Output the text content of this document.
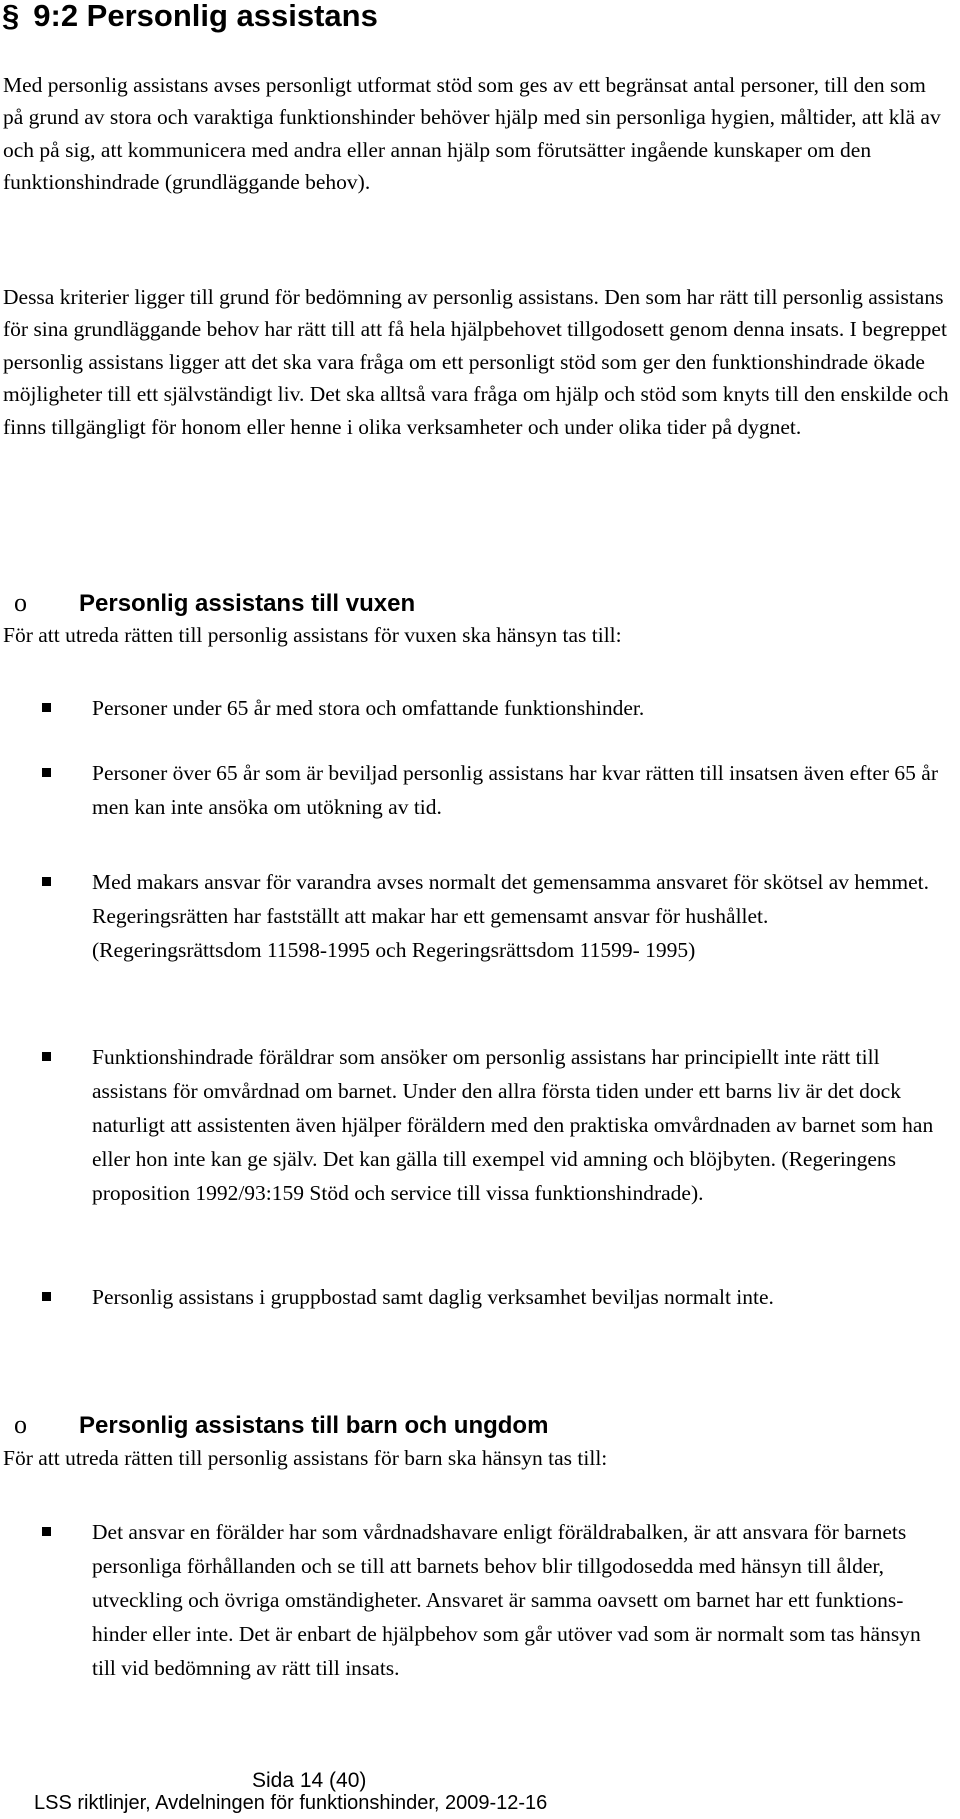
§ 9:2 Personlig assistans
Med personlig assistans avses personligt utformat stöd som ges av ett begränsat antal personer, till den som på grund av stora och varaktiga funktionshinder behöver hjälp med sin personliga hygien, måltider, att klä av och på sig, att kommunicera med andra eller annan hjälp som förutsätter ingående kunskaper om den funktionshindrade (grundläggande behov).
Dessa kriterier ligger till grund för bedömning av personlig assistans. Den som har rätt till personlig assistans för sina grundläggande behov har rätt till att få hela hjälpbehovet tillgodosett genom denna insats. I begreppet personlig assistans ligger att det ska vara fråga om ett personligt stöd som ger den funktionshindrade ökade möjligheter till ett självständigt liv. Det ska alltså vara fråga om hjälp och stöd som knyts till den enskilde och finns tillgängligt för honom eller henne i olika verksamheter och under olika tider på dygnet.
o Personlig assistans till vuxen
För att utreda rätten till personlig assistans för vuxen ska hänsyn tas till:
Personer under 65 år med stora och omfattande funktionshinder.
Personer över 65 år som är beviljad personlig assistans har kvar rätten till insatsen även efter 65 år men kan inte ansöka om utökning av tid.
Med makars ansvar för varandra avses normalt det gemensamma ansvaret för skötsel av hemmet. Regeringsrätten har fastställt att makar har ett gemensamt ansvar för hushållet. (Regeringsrättsdom 11598-1995 och Regeringsrättsdom 11599- 1995)
Funktionshindrade föräldrar som ansöker om personlig assistans har principiellt inte rätt till assistans för omvårdnad om barnet. Under den allra första tiden under ett barns liv är det dock naturligt att assistenten även hjälper föräldern med den praktiska omvårdnaden av barnet som han eller hon inte kan ge själv. Det kan gälla till exempel vid amning och blöjbyten. (Regeringens proposition 1992/93:159 Stöd och service till vissa funktionshindrade).
Personlig assistans i gruppbostad samt daglig verksamhet beviljas normalt inte.
o Personlig assistans till barn och ungdom
För att utreda rätten till personlig assistans för barn ska hänsyn tas till:
Det ansvar en förälder har som vårdnadshavare enligt föräldrabalken, är att ansvara för barnets personliga förhållanden och se till att barnets behov blir tillgodosedda med hänsyn till ålder, utveckling och övriga omständigheter. Ansvaret är samma oavsett om barnet har ett funktions-hinder eller inte. Det är enbart de hjälpbehov som går utöver vad som är normalt som tas hänsyn till vid bedömning av rätt till insats.
Sida 14 (40)
LSS riktlinjer, Avdelningen för funktionshinder, 2009-12-16
